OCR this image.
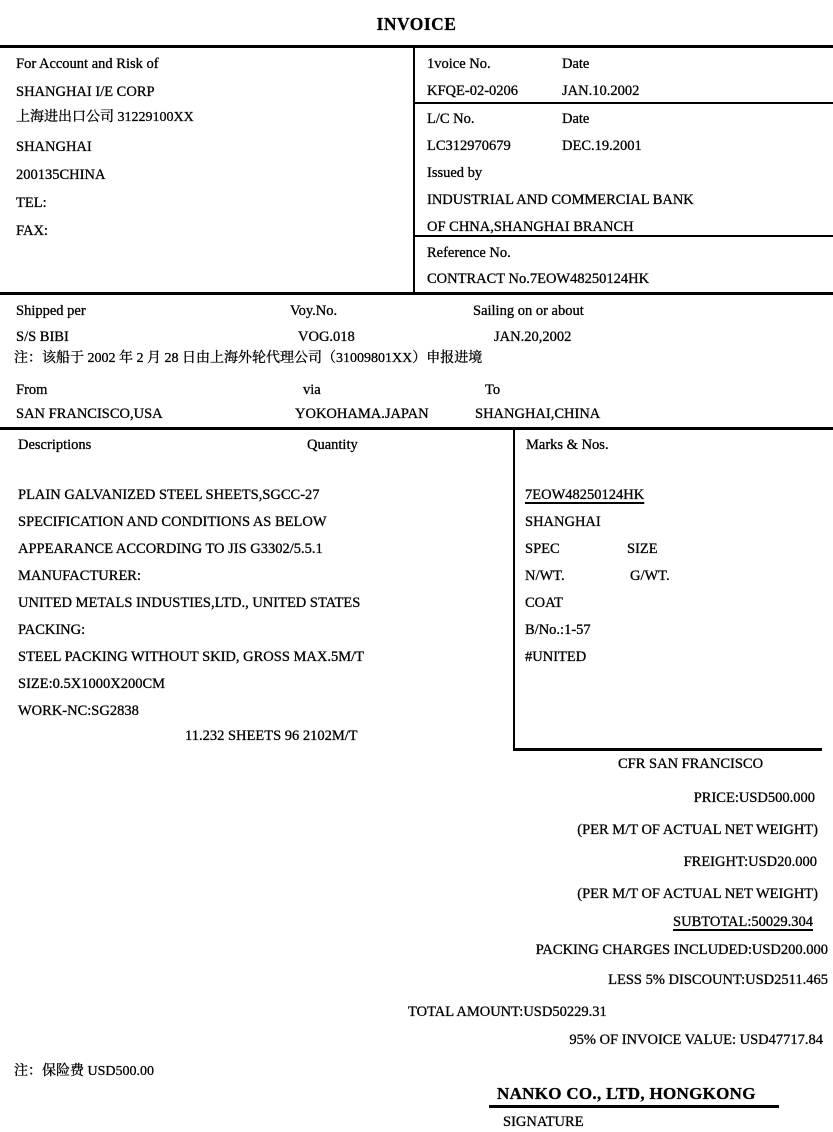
INVOICE
For Account and Risk of
SHANGHAI I/E CORP
上海进出口公司 31229100XX
SHANGHAI
200135CHINA
TEL:
FAX:
1voice No.	Date
KFQE-02-0206	JAN.10.2002
L/C No.	Date
LC312970679	DEC.19.2001
Issued by
INDUSTRIAL AND COMMERCIAL BANK
OF CHNA,SHANGHAI BRANCH
Reference No.
CONTRACT No.7EOW48250124HK
Shipped per	Voy.No.	Sailing on or about
S/S BIBI	VOG.018	JAN.20,2002
注：该船于 2002 年 2 月 28 日由上海外轮代理公司（31009801XX）申报进境
From	via	To
SAN FRANCISCO,USA	YOKOHAMA.JAPAN	SHANGHAI,CHINA
Descriptions	Quantity	Marks & Nos.
PLAIN GALVANIZED STEEL SHEETS,SGCC-27
SPECIFICATION AND CONDITIONS AS BELOW
APPEARANCE ACCORDING TO JIS G3302/5.5.1
MANUFACTURER:
UNITED METALS INDUSTIES,LTD., UNITED STATES
PACKING:
STEEL PACKING WITHOUT SKID, GROSS MAX.5M/T
SIZE:0.5X1000X200CM
WORK-NC:SG2838
11.232 SHEETS 96 2102M/T
7EOW48250124HK
SHANGHAI
SPEC	SIZE
N/WT.	G/WT.
COAT
B/No.:1-57
#UNITED
CFR SAN FRANCISCO
PRICE:USD500.000
(PER M/T OF ACTUAL NET WEIGHT)
FREIGHT:USD20.000
(PER M/T OF ACTUAL NET WEIGHT)
SUBTOTAL:50029.304
PACKING CHARGES INCLUDED:USD200.000
LESS 5% DISCOUNT:USD2511.465
TOTAL AMOUNT:USD50229.31
95% OF INVOICE VALUE: USD47717.84
注：保险费 USD500.00
NANKO CO., LTD, HONGKONG
SIGNATURE
